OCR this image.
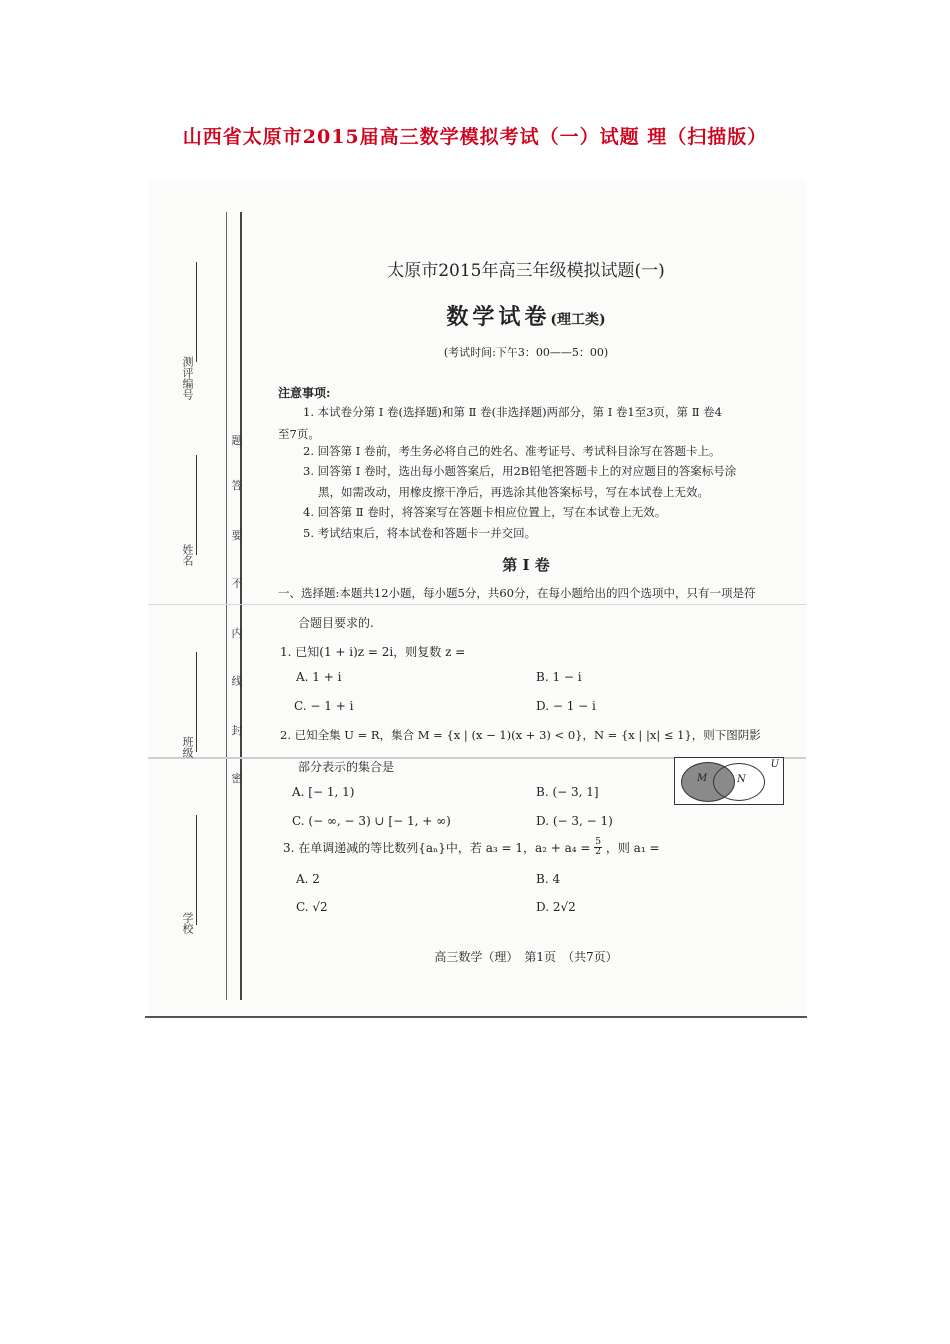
山西省太原市2015届高三数学模拟考试（一）试题 理（扫描版）
测评编号
姓名
班级
学校
题
答
要
不
内
线
封
密
太原市2015年高三年级模拟试题(一)
数学试卷(理工类)
(考试时间:下午3：00——5：00)
注意事项:
1. 本试卷分第 Ⅰ 卷(选择题)和第 Ⅱ 卷(非选择题)两部分，第 Ⅰ 卷1至3页，第 Ⅱ 卷4
至7页。
2. 回答第 Ⅰ 卷前，考生务必将自己的姓名、准考证号、考试科目涂写在答题卡上。
3. 回答第 Ⅰ 卷时，选出每小题答案后，用2B铅笔把答题卡上的对应题目的答案标号涂
黑，如需改动，用橡皮擦干净后，再选涂其他答案标号，写在本试卷上无效。
4. 回答第 Ⅱ 卷时，将答案写在答题卡相应位置上，写在本试卷上无效。
5. 考试结束后，将本试卷和答题卡一并交回。
第 Ⅰ 卷
一、选择题:本题共12小题，每小题5分，共60分，在每小题给出的四个选项中，只有一项是符
合题目要求的.
1. 已知(1 + i)z = 2i，则复数 z =
A. 1 + i	B. 1 − i
C. − 1 + i	D. − 1 − i
2. 已知全集 U = R，集合 M = {x | (x − 1)(x + 3) < 0}，N = {x | |x| ≤ 1}，则下图阴影
部分表示的集合是	U
M	N
A. [− 1, 1)	B. (− 3, 1]
C. (− ∞, − 3) ∪ [− 1, + ∞)	D. (− 3, − 1)
3. 在单调递减的等比数列{aₙ}中，若 a₃ = 1，$a_2 + a_4 = \frac{5}{2}$ ，则 a₁ =
A. 2	B. 4
C. √2	D. 2√2
高三数学（理）　第1页　（共7页）
